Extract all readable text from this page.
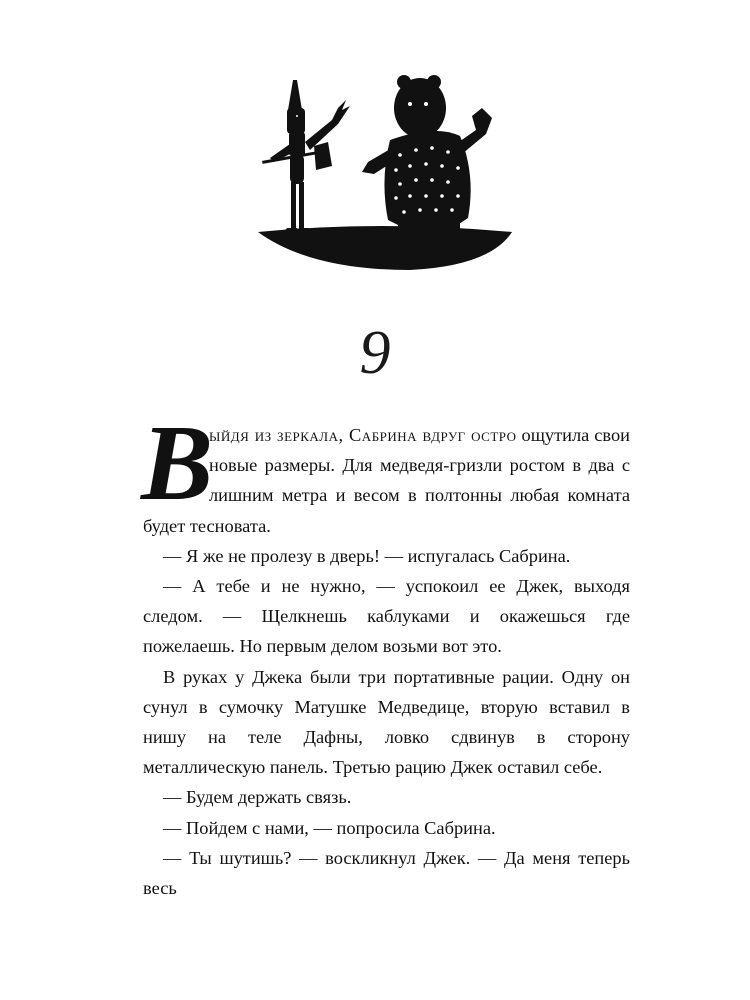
9

В
ыйдя из зеркала, Сабрина вдруг остро ощутила свои новые размеры. Для медведя-гризли ростом в два с лишним метра и весом в полтонны любая комната будет тесновата.

— Я же не пролезу в дверь! — испугалась Сабрина.

— А тебе и не нужно, — успокоил ее Джек, выходя следом. — Щелкнешь каблуками и окажешься где пожелаешь. Но первым делом возьми вот это.

В руках у Джека были три портативные рации. Одну он сунул в сумочку Матушке Медведице, вторую вставил в нишу на теле Дафны, ловко сдвинув в сторону металлическую панель. Третью рацию Джек оставил себе.

— Будем держать связь.

— Пойдем с нами, — попросила Сабрина.

— Ты шутишь? — воскликнул Джек. — Да меня теперь весь
